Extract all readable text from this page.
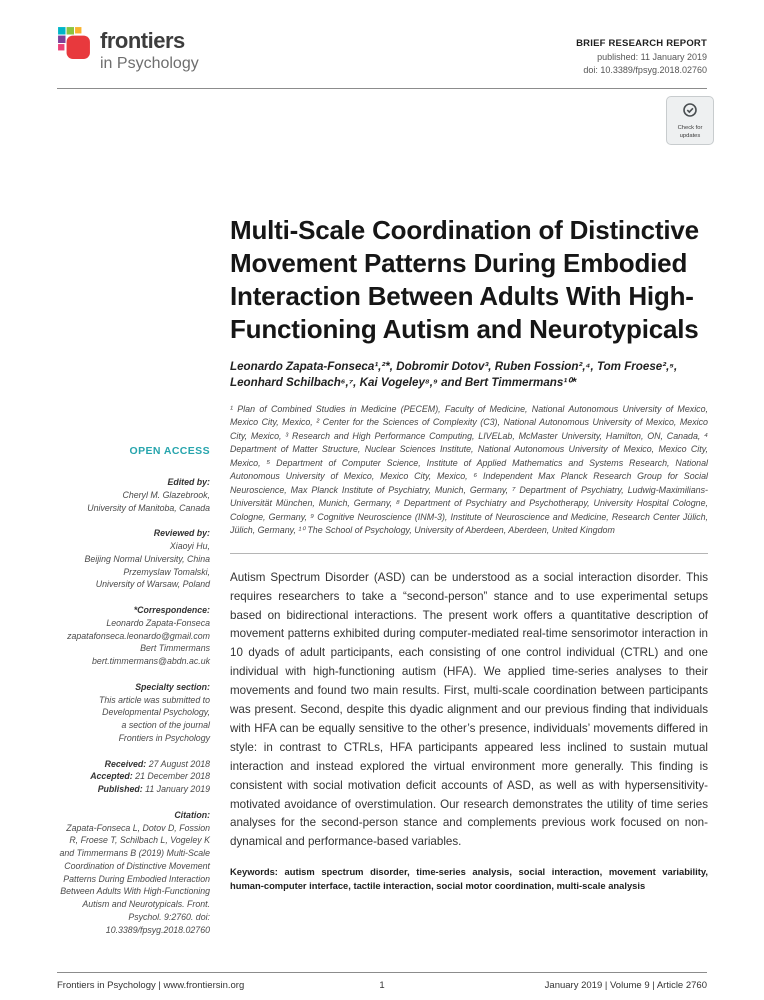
frontiers
in Psychology
BRIEF RESEARCH REPORT
published: 11 January 2019
doi: 10.3389/fpsyg.2018.02760
Check for updates
OPEN ACCESS
Edited by:
Cheryl M. Glazebrook,
University of Manitoba, Canada
Reviewed by:
Xiaoyi Hu,
Beijing Normal University, China
Przemyslaw Tomalski,
University of Warsaw, Poland
*Correspondence:
Leonardo Zapata-Fonseca
zapatafonseca.leonardo@gmail.com
Bert Timmermans
bert.timmermans@abdn.ac.uk
Specialty section:
This article was submitted to
Developmental Psychology,
a section of the journal
Frontiers in Psychology
Received: 27 August 2018
Accepted: 21 December 2018
Published: 11 January 2019
Citation:
Zapata-Fonseca L, Dotov D, Fossion R, Froese T, Schilbach L, Vogeley K and Timmermans B (2019) Multi-Scale Coordination of Distinctive Movement Patterns During Embodied Interaction Between Adults With High-Functioning Autism and Neurotypicals. Front. Psychol. 9:2760. doi: 10.3389/fpsyg.2018.02760
Multi-Scale Coordination of Distinctive Movement Patterns During Embodied Interaction Between Adults With High-Functioning Autism and Neurotypicals
Leonardo Zapata-Fonseca¹,²*, Dobromir Dotov³, Ruben Fossion²,⁴, Tom Froese²,⁵, Leonhard Schilbach⁶,⁷, Kai Vogeley⁸,⁹ and Bert Timmermans¹⁰*
¹ Plan of Combined Studies in Medicine (PECEM), Faculty of Medicine, National Autonomous University of Mexico, Mexico City, Mexico, ² Center for the Sciences of Complexity (C3), National Autonomous University of Mexico, Mexico City, Mexico, ³ Research and High Performance Computing, LIVELab, McMaster University, Hamilton, ON, Canada, ⁴ Department of Matter Structure, Nuclear Sciences Institute, National Autonomous University of Mexico, Mexico City, Mexico, ⁵ Department of Computer Science, Institute of Applied Mathematics and Systems Research, National Autonomous University of Mexico, Mexico City, Mexico, ⁶ Independent Max Planck Research Group for Social Neuroscience, Max Planck Institute of Psychiatry, Munich, Germany, ⁷ Department of Psychiatry, Ludwig-Maximilians-Universität München, Munich, Germany, ⁸ Department of Psychiatry and Psychotherapy, University Hospital Cologne, Cologne, Germany, ⁹ Cognitive Neuroscience (INM-3), Institute of Neuroscience and Medicine, Research Center Jülich, Jülich, Germany, ¹⁰ The School of Psychology, University of Aberdeen, Aberdeen, United Kingdom

Autism Spectrum Disorder (ASD) can be understood as a social interaction disorder. This requires researchers to take a “second-person” stance and to use experimental setups based on bidirectional interactions. The present work offers a quantitative description of movement patterns exhibited during computer-mediated real-time sensorimotor interaction in 10 dyads of adult participants, each consisting of one control individual (CTRL) and one individual with high-functioning autism (HFA). We applied time-series analyses to their movements and found two main results. First, multi-scale coordination between participants was present. Second, despite this dyadic alignment and our previous finding that individuals with HFA can be equally sensitive to the other’s presence, individuals’ movements differed in style: in contrast to CTRLs, HFA participants appeared less inclined to sustain mutual interaction and instead explored the virtual environment more generally. This finding is consistent with social motivation deficit accounts of ASD, as well as with hypersensitivity-motivated avoidance of overstimulation. Our research demonstrates the utility of time series analyses for the second-person stance and complements previous work focused on non-dynamical and performance-based variables.

Keywords: autism spectrum disorder, time-series analysis, social interaction, movement variability, human-computer interface, tactile interaction, social motor coordination, multi-scale analysis

Frontiers in Psychology | www.frontiersin.org	1	January 2019 | Volume 9 | Article 2760
